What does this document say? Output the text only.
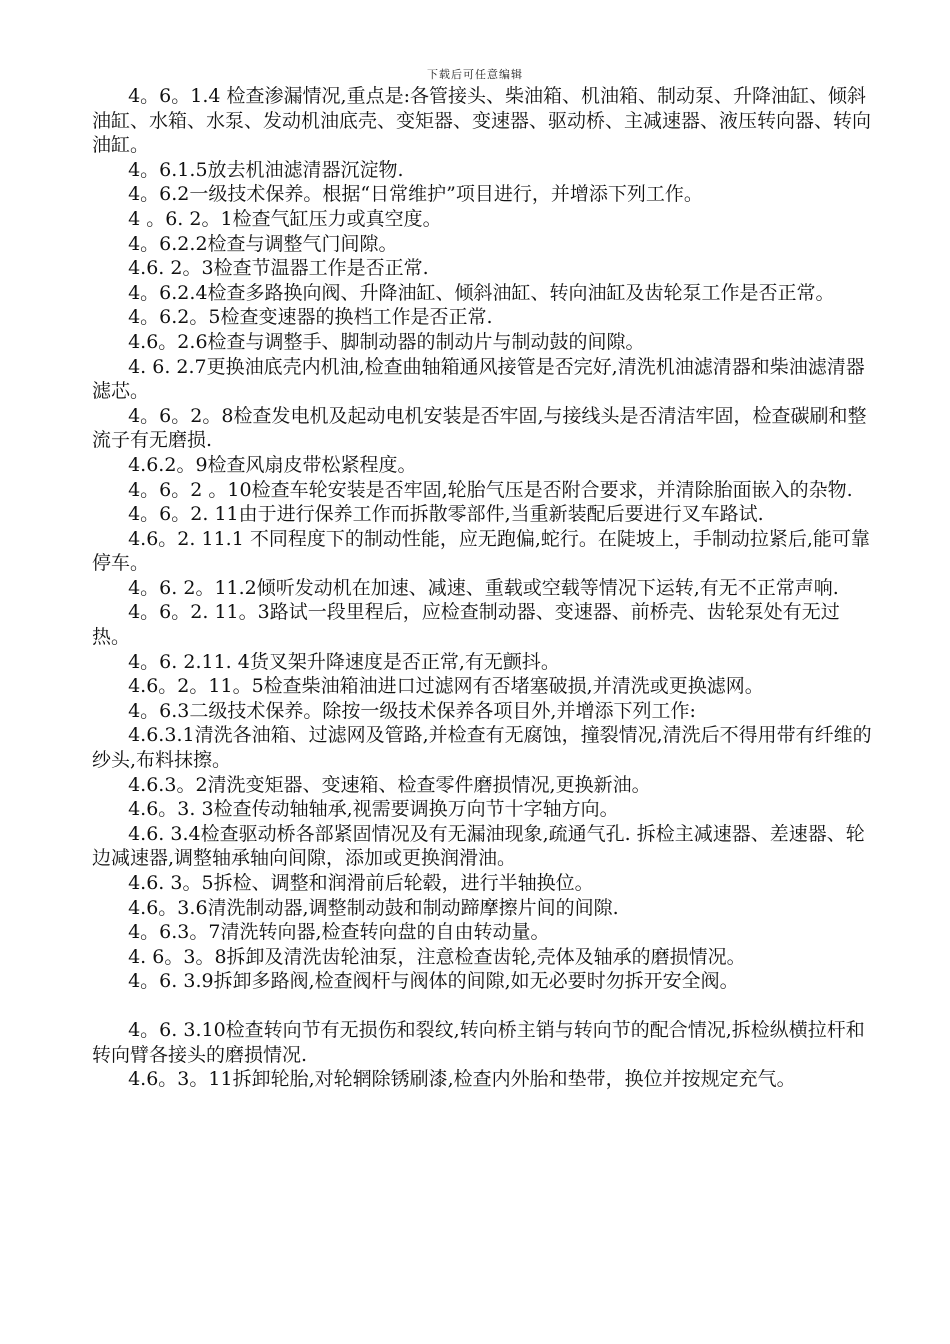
下载后可任意编辑

4。6。1.4 检查渗漏情况,重点是:各管接头、柴油箱、机油箱、制动泵、升降油缸、倾斜油缸、水箱、水泵、发动机油底壳、变矩器、变速器、驱动桥、主减速器、液压转向器、转向油缸。

4。6.1.5放去机油滤清器沉淀物.

4。6.2一级技术保养。根据“日常维护”项目进行，并增添下列工作。

4 。6. 2。1检查气缸压力或真空度。

4。6.2.2检查与调整气门间隙。

4.6. 2。3检查节温器工作是否正常.

4。6.2.4检查多路换向阀、升降油缸、倾斜油缸、转向油缸及齿轮泵工作是否正常。

4。6.2。5检查变速器的换档工作是否正常.

4.6。2.6检查与调整手、脚制动器的制动片与制动鼓的间隙。

4. 6. 2.7更换油底壳内机油,检查曲轴箱通风接管是否完好,清洗机油滤清器和柴油滤清器滤芯。

4。6。2。8检查发电机及起动电机安装是否牢固,与接线头是否清洁牢固，检查碳刷和整流子有无磨损.

4.6.2。9检查风扇皮带松紧程度。

4。6。2 。10检查车轮安装是否牢固,轮胎气压是否附合要求，并清除胎面嵌入的杂物.

4。6。2. 11由于进行保养工作而拆散零部件,当重新装配后要进行叉车路试.

4.6。2. 11.1 不同程度下的制动性能，应无跑偏,蛇行。在陡坡上，手制动拉紧后,能可靠停车。

4。6. 2。11.2倾听发动机在加速、减速、重载或空载等情况下运转,有无不正常声响.

4。6。2. 11。3路试一段里程后，应检查制动器、变速器、前桥壳、齿轮泵处有无过热。

4。6. 2.11. 4货叉架升降速度是否正常,有无颤抖。

4.6。2。11。5检查柴油箱油进口过滤网有否堵塞破损,并清洗或更换滤网。

4。6.3二级技术保养。除按一级技术保养各项目外,并增添下列工作:

4.6.3.1清洗各油箱、过滤网及管路,并检查有无腐蚀，撞裂情况,清洗后不得用带有纤维的纱头,布料抹擦。

4.6.3。2清洗变矩器、变速箱、检查零件磨损情况,更换新油。

4.6。3. 3检查传动轴轴承,视需要调换万向节十字轴方向。

4.6. 3.4检查驱动桥各部紧固情况及有无漏油现象,疏通气孔. 拆检主减速器、差速器、轮边减速器,调整轴承轴向间隙，添加或更换润滑油。

4.6. 3。5拆检、调整和润滑前后轮毂，进行半轴换位。

4.6。3.6清洗制动器,调整制动鼓和制动蹄摩擦片间的间隙.

4。6.3。7清洗转向器,检查转向盘的自由转动量。

4. 6。3。8拆卸及清洗齿轮油泵，注意检查齿轮,壳体及轴承的磨损情况。

4。6. 3.9拆卸多路阀,检查阀杆与阀体的间隙,如无必要时勿拆开安全阀。

4。6. 3.10检查转向节有无损伤和裂纹,转向桥主销与转向节的配合情况,拆检纵横拉杆和转向臂各接头的磨损情况.

4.6。3。11拆卸轮胎,对轮辋除锈刷漆,检查内外胎和垫带，换位并按规定充气。
